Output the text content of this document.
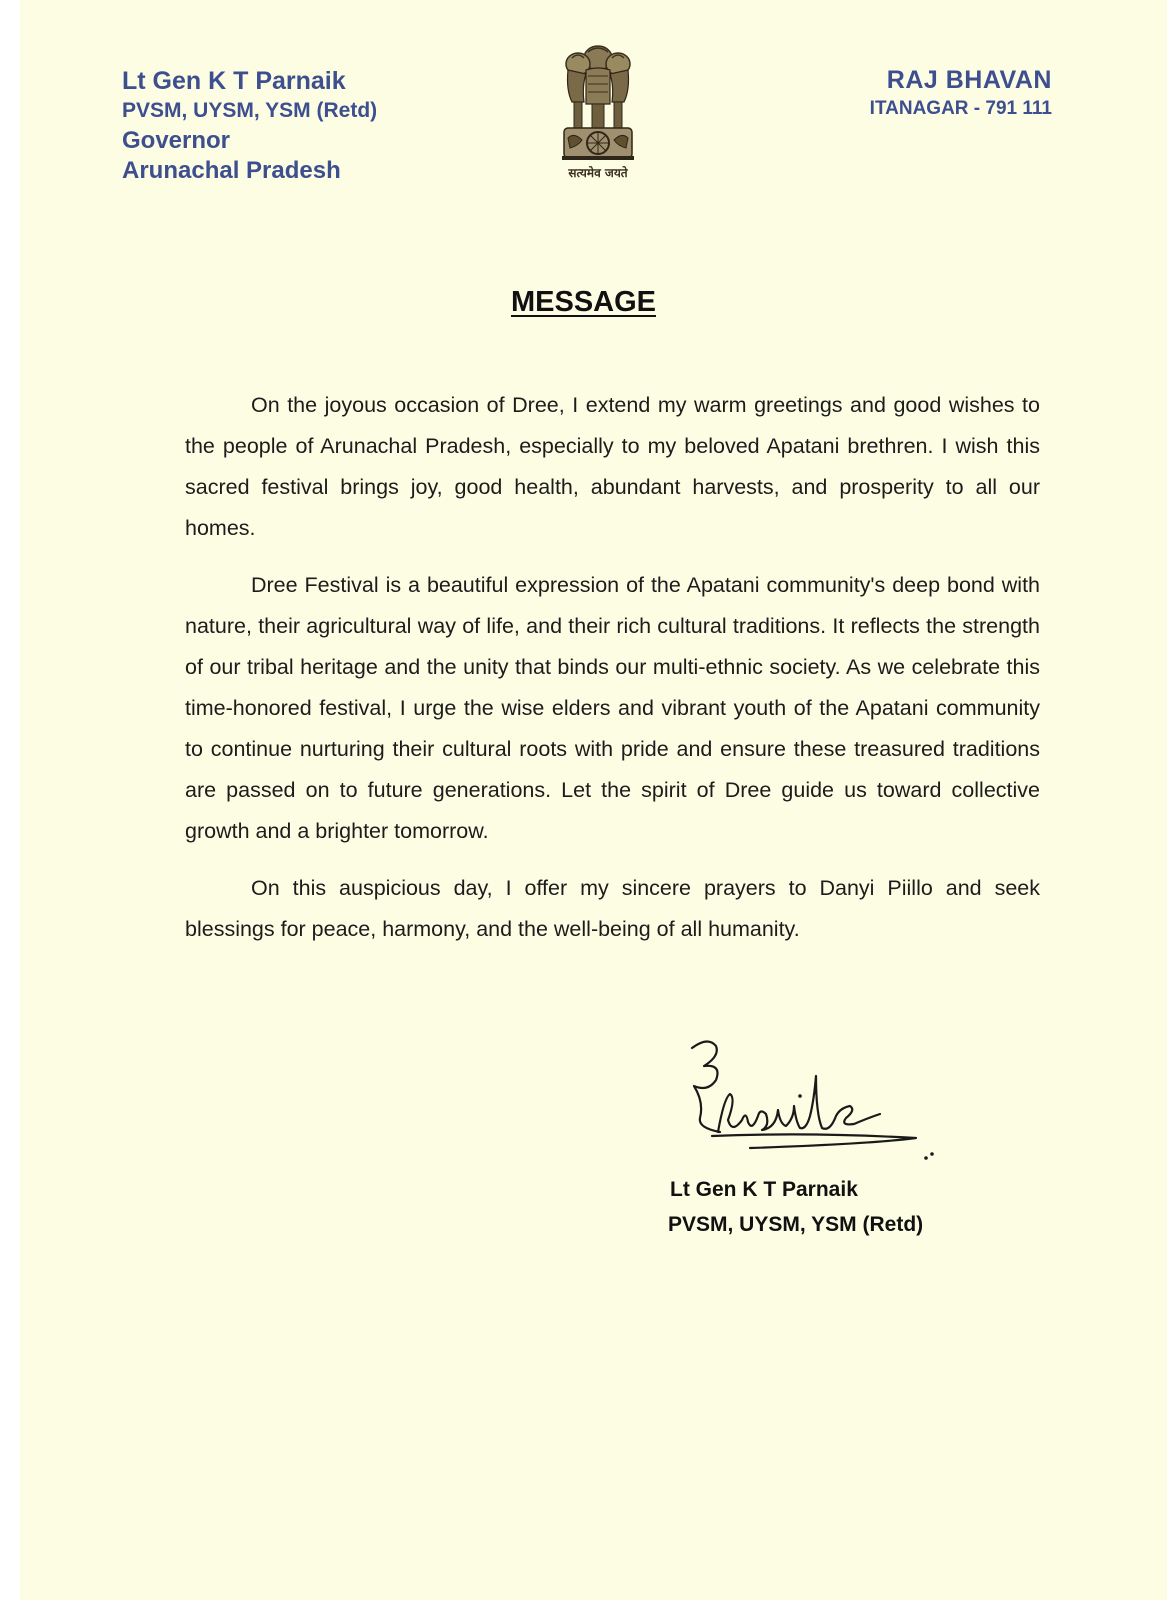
Lt Gen K T Parnaik
PVSM, UYSM, YSM (Retd)
Governor
Arunachal Pradesh	सत्यमेव जयते
RAJ BHAVAN
ITANAGAR - 791 111
MESSAGE

On the joyous occasion of Dree, I extend my warm greetings and good wishes to the people of Arunachal Pradesh, especially to my beloved Apatani brethren. I wish this sacred festival brings joy, good health, abundant harvests, and prosperity to all our homes.

Dree Festival is a beautiful expression of the Apatani community's deep bond with nature, their agricultural way of life, and their rich cultural traditions. It reflects the strength of our tribal heritage and the unity that binds our multi-ethnic society. As we celebrate this time-honored festival, I urge the wise elders and vibrant youth of the Apatani community to continue nurturing their cultural roots with pride and ensure these treasured traditions are passed on to future generations. Let the spirit of Dree guide us toward collective growth and a brighter tomorrow.

On this auspicious day, I offer my sincere prayers to Danyi Piillo and seek blessings for peace, harmony, and the well-being of all humanity.

Lt Gen K T Parnaik
PVSM, UYSM, YSM (Retd)
